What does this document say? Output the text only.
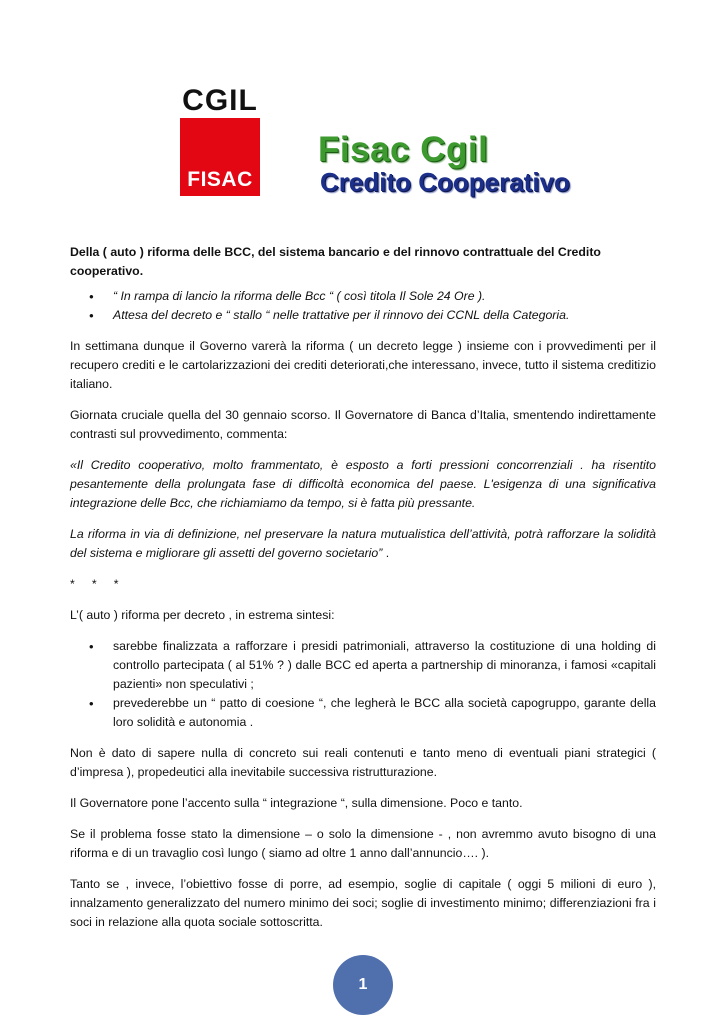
CGIL
FISAC
Fisac Cgil
Credito Cooperativo

Della ( auto ) riforma delle BCC, del sistema bancario e del rinnovo contrattuale del Credito cooperativo.

• “ In rampa di lancio la riforma delle Bcc “ ( così titola Il Sole 24 Ore ).
• Attesa del decreto e “ stallo “ nelle trattative per il rinnovo dei CCNL della Categoria.

In settimana dunque il Governo varerà la riforma ( un decreto legge ) insieme con i provvedimenti per il recupero crediti e le cartolarizzazioni dei crediti deteriorati,che interessano, invece, tutto il sistema creditizio italiano.

Giornata cruciale quella del 30 gennaio scorso. Il Governatore di Banca d’Italia, smentendo indirettamente contrasti sul provvedimento, commenta:

«Il Credito cooperativo, molto frammentato, è esposto a forti pressioni concorrenziali . ha risentito pesantemente della prolungata fase di difficoltà economica del paese. L'esigenza di una significativa integrazione delle Bcc, che richiamiamo da tempo, si è fatta più pressante.

La riforma in via di definizione, nel preservare la natura mutualistica dell’attività, potrà rafforzare la solidità del sistema e migliorare gli assetti del governo societario” .

*     *     *

L’( auto ) riforma per decreto , in estrema sintesi:

• sarebbe finalizzata a rafforzare i presidi patrimoniali, attraverso la costituzione di una holding di controllo partecipata ( al 51% ? ) dalle BCC ed aperta a partnership di minoranza, i famosi «capitali pazienti» non speculativi ;
• prevederebbe un “ patto di coesione “, che legherà le BCC alla società capogruppo, garante della loro solidità e autonomia .

Non è dato di sapere nulla di concreto sui reali contenuti e tanto meno di eventuali piani strategici ( d’impresa ), propedeutici alla inevitabile successiva ristrutturazione.

Il Governatore pone l’accento sulla “ integrazione “, sulla dimensione. Poco e tanto.

Se il problema fosse stato la dimensione – o solo la dimensione - , non avremmo avuto bisogno di una riforma e di un travaglio così lungo ( siamo ad oltre 1 anno dall’annuncio…. ).

Tanto se , invece, l’obiettivo fosse di porre, ad esempio, soglie di capitale ( oggi 5 milioni di euro ), innalzamento generalizzato del numero minimo dei soci; soglie di investimento minimo; differenziazioni fra i soci in relazione alla quota sociale sottoscritta.

1
